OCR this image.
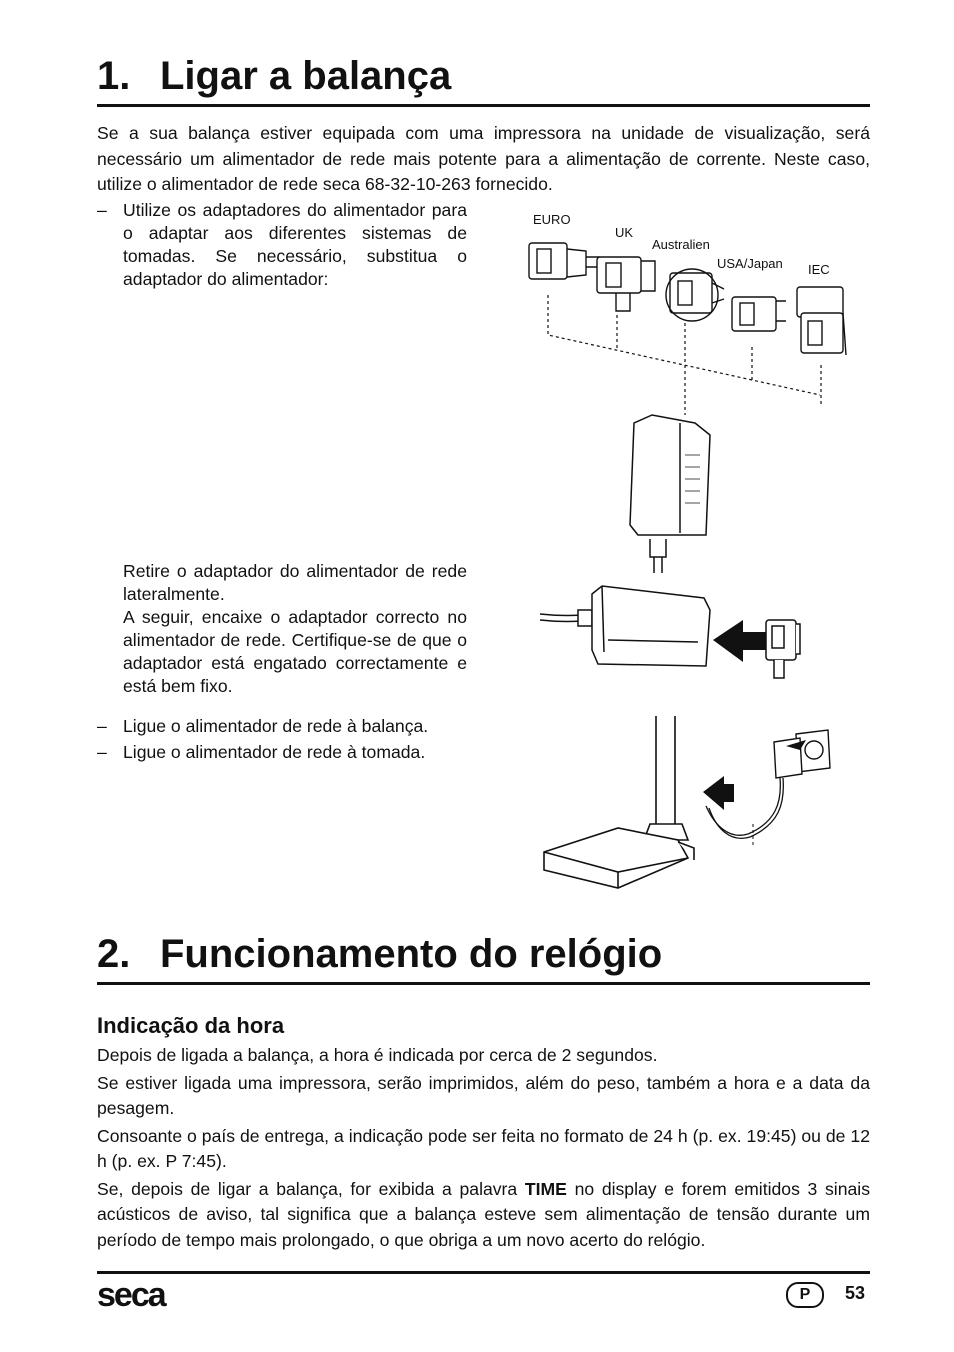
1. Ligar a balança

Se a sua balança estiver equipada com uma impressora na unidade de visualização, será necessário um alimentador de rede mais potente para a alimentação de corrente. Neste caso, utilize o alimentador de rede seca 68-32-10-263 fornecido.

– Utilize os adaptadores do alimentador para o adaptar aos diferentes sistemas de tomadas. Se necessário, substitua o adaptador do alimentador:
Retire o adaptador do alimentador de rede lateralmente.
A seguir, encaixe o adaptador correcto no alimentador de rede. Certifique-se de que o adaptador está engatado correctamente e está bem fixo.
– Ligue o alimentador de rede à balança.
– Ligue o alimentador de rede à tomada.
EURO
UK
Australien
USA/Japan IEC
2. Funcionamento do relógio
Indicação da hora

Depois de ligada a balança, a hora é indicada por cerca de 2 segundos.

Se estiver ligada uma impressora, serão imprimidos, além do peso, também a hora e a data da pesagem.

Consoante o país de entrega, a indicação pode ser feita no formato de 24 h (p. ex. 19:45) ou de 12 h (p. ex. P 7:45).

Se, depois de ligar a balança, for exibida a palavra TIME no display e forem emitidos 3 sinais acústicos de aviso, tal significa que a balança esteve sem alimentação de tensão durante um período de tempo mais prolongado, o que obriga a um novo acerto do relógio.

seca	P	53
